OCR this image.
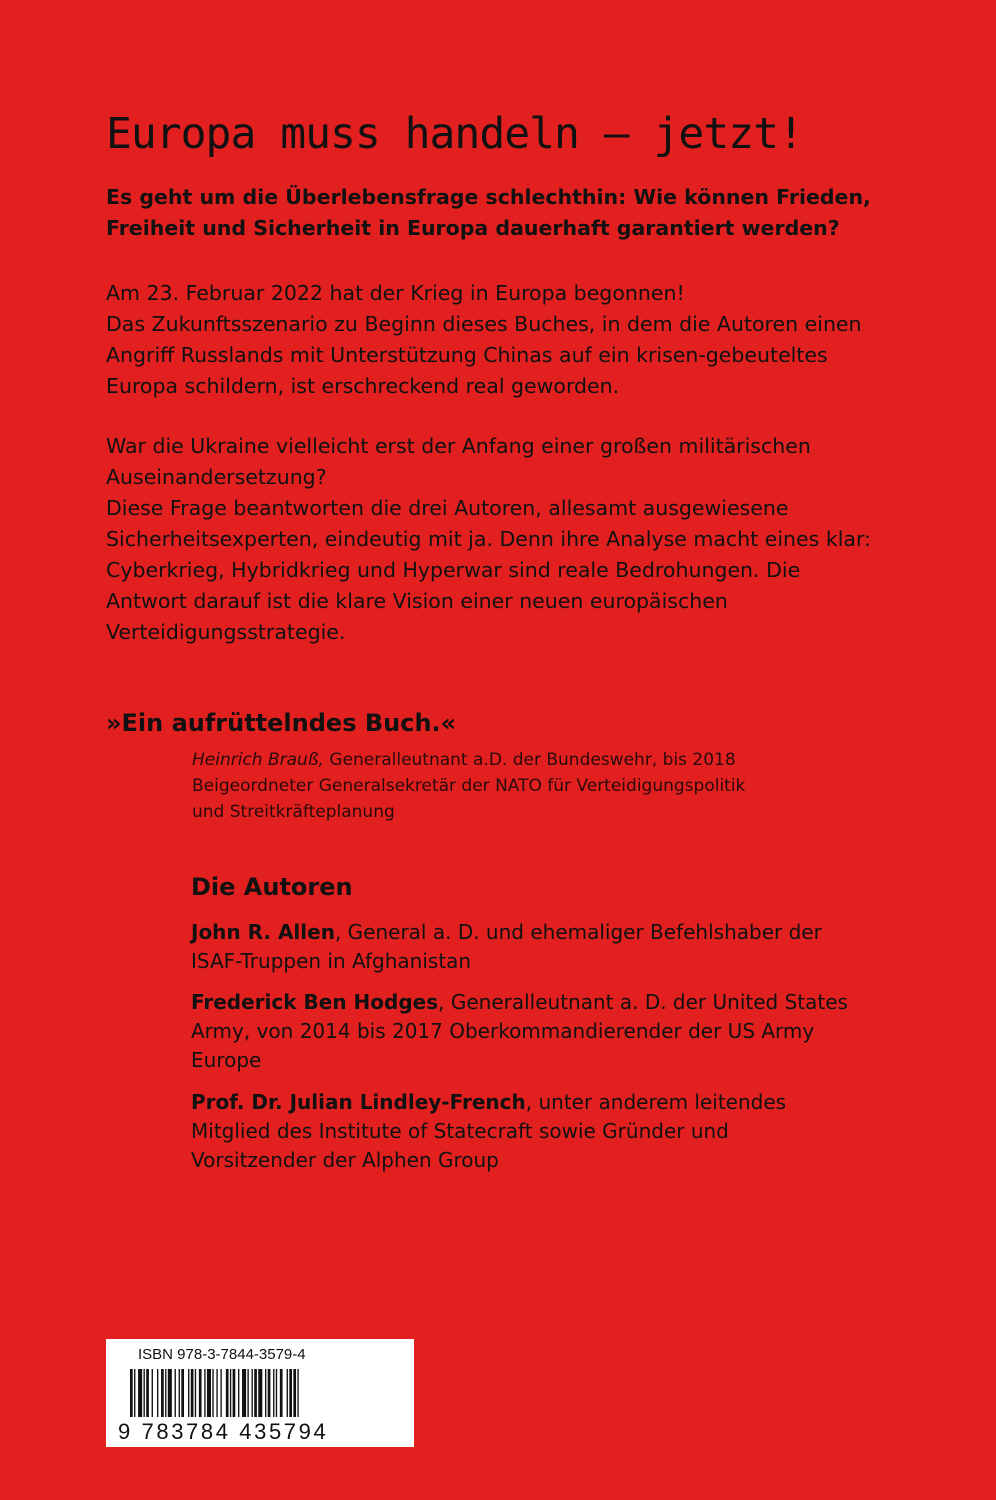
Europa muss handeln – jetzt!

Es geht um die Überlebensfrage schlechthin: Wie können Frieden, Freiheit und Sicherheit in Europa dauerhaft garantiert werden?

Am 23. Februar 2022 hat der Krieg in Europa begonnen!
Das Zukunftsszenario zu Beginn dieses Buches, in dem die Autoren einen Angriff Russlands mit Unterstützung Chinas auf ein krisen-gebeuteltes Europa schildern, ist erschreckend real geworden.
War die Ukraine vielleicht erst der Anfang einer großen militärischen Auseinandersetzung?
Diese Frage beantworten die drei Autoren, allesamt ausgewiesene Sicherheitsexperten, eindeutig mit ja. Denn ihre Analyse macht eines klar: Cyberkrieg, Hybridkrieg und Hyperwar sind reale Bedrohungen. Die Antwort darauf ist die klare Vision einer neuen europäischen Verteidigungsstrategie.

»Ein aufrüttelndes Buch.«

Heinrich Brauß, Generalleutnant a.D. der Bundeswehr, bis 2018 Beigeordneter Generalsekretär der NATO für Verteidigungspolitik und Streitkräfteplanung

Die Autoren

John R. Allen, General a. D. und ehemaliger Befehlshaber der ISAF-Truppen in Afghanistan

Frederick Ben Hodges, Generalleutnant a. D. der United States Army, von 2014 bis 2017 Oberkommandierender der US Army Europe

Prof. Dr. Julian Lindley-French, unter anderem leitendes Mitglied des Institute of Statecraft sowie Gründer und Vorsitzender der Alphen Group

ISBN 978-3-7844-3579-4
9 783784 435794
